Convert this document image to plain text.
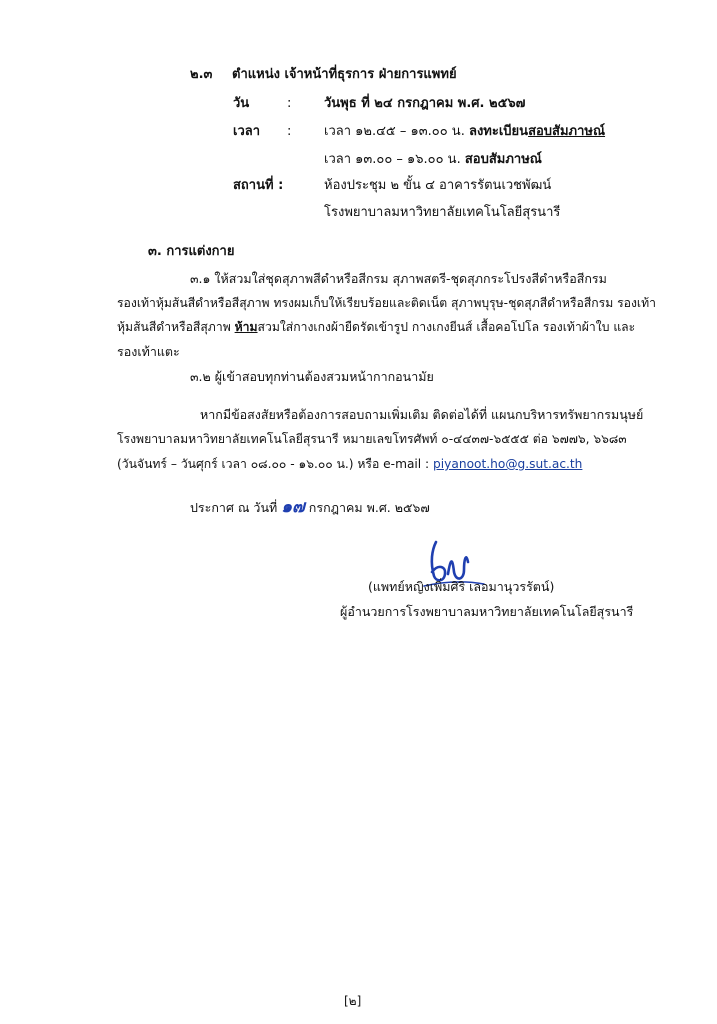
๒.๓ ตำแหน่ง เจ้าหน้าที่ธุรการ ฝ่ายการแพทย์
วัน	:	วันพุธ ที่ ๒๔ กรกฎาคม พ.ศ. ๒๕๖๗
เวลา :	เวลา ๑๒.๔๕ – ๑๓.๐๐ น. ลงทะเบียนสอบสัมภาษณ์
เวลา ๑๓.๐๐ – ๑๖.๐๐ น. สอบสัมภาษณ์
สถานที่ :	ห้องประชุม ๒ ขั้น ๔ อาคารรัตนเวชพัฒน์
โรงพยาบาลมหาวิทยาลัยเทคโนโลยีสุรนารี
๓. การแต่งกาย
๓.๑ ให้สวมใส่ชุดสุภาพสีดำหรือสีกรม สุภาพสตรี-ชุดสุภกระโปรงสีดำหรือสีกรม
รองเท้าหุ้มส้นสีดำหรือสีสุภาพ ทรงผมเก็บให้เรียบร้อยและติดเน็ต สุภาพบุรุษ-ชุดสุภสีดำหรือสีกรม รองเท้า
หุ้มส้นสีดำหรือสีสุภาพ ห้ามสวมใส่กางเกงผ้ายืดรัดเข้ารูป กางเกงยีนส์ เสื้อคอโปโล รองเท้าผ้าใบ และ
รองเท้าแตะ
๓.๒ ผู้เข้าสอบทุกท่านต้องสวมหน้ากากอนามัย
หากมีข้อสงสัยหรือต้องการสอบถามเพิ่มเติม ติดต่อได้ที่ แผนกบริหารทรัพยากรมนุษย์
โรงพยาบาลมหาวิทยาลัยเทคโนโลยีสุรนารี หมายเลขโทรศัพท์ ๐-๔๔๓๗-๖๕๕๕ ต่อ ๖๗๗๖, ๖๖๘๓
(วันจันทร์ – วันศุกร์ เวลา ๐๘.๐๐ - ๑๖.๐๐ น.) หรือ e-mail : piyanoot.ho@g.sut.ac.th
ประกาศ ณ วันที่ ๑๗ กรกฎาคม พ.ศ. ๒๕๖๗
(แพทย์หญิงเพิ่มศิริ เลอมานุวรรัตน์)
ผู้อำนวยการโรงพยาบาลมหาวิทยาลัยเทคโนโลยีสุรนารี
[๒]
